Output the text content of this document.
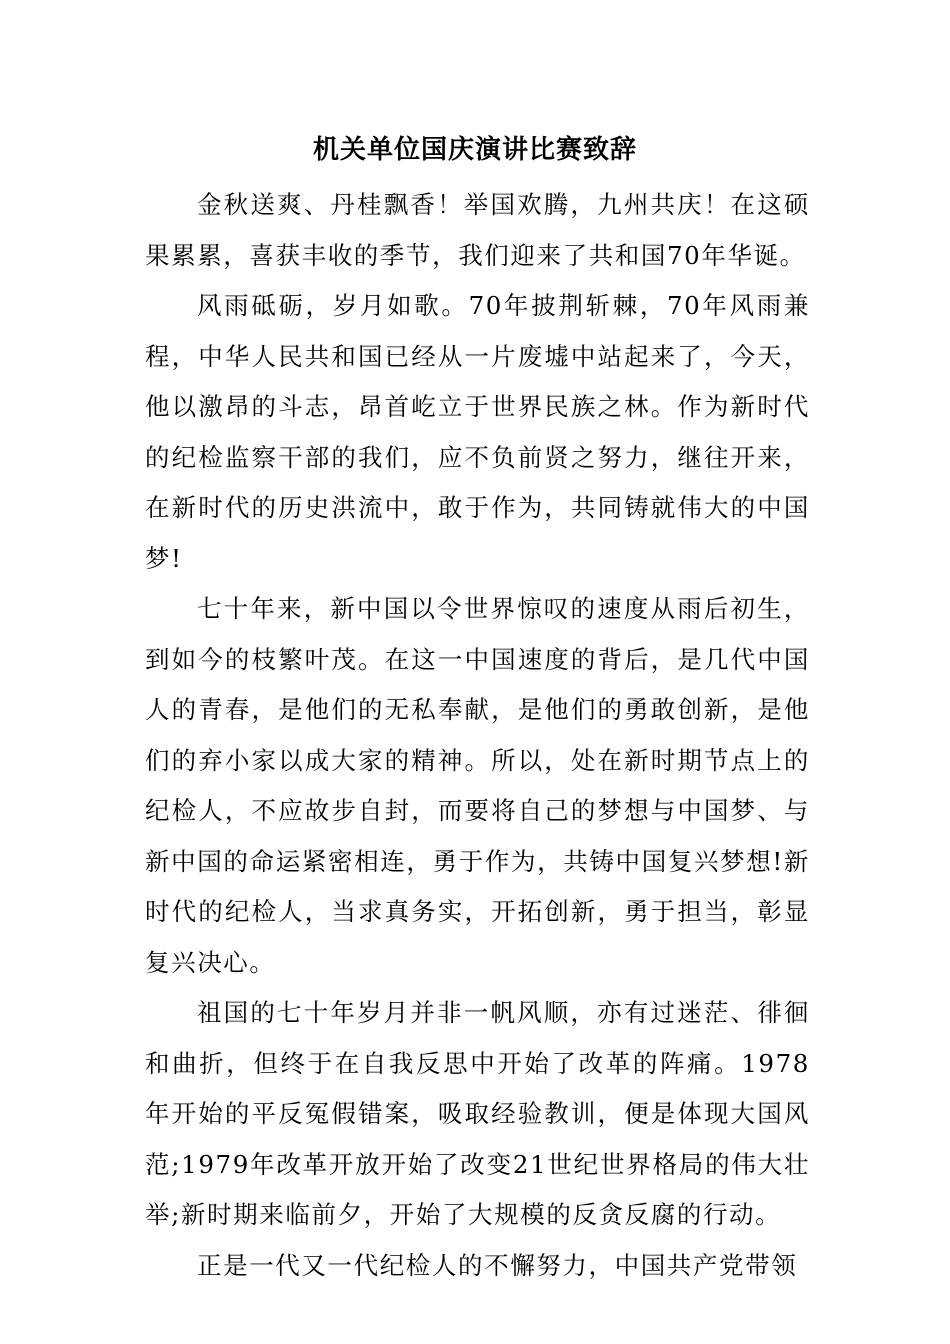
机关单位国庆演讲比赛致辞

金秋送爽、丹桂飘香！举国欢腾，九州共庆！在这硕果累累，喜获丰收的季节，我们迎来了共和国70年华诞。

风雨砥砺，岁月如歌。70年披荆斩棘，70年风雨兼程，中华人民共和国已经从一片废墟中站起来了，今天，他以激昂的斗志，昂首屹立于世界民族之林。作为新时代的纪检监察干部的我们，应不负前贤之努力，继往开来，在新时代的历史洪流中，敢于作为，共同铸就伟大的中国梦!

七十年来，新中国以令世界惊叹的速度从雨后初生，到如今的枝繁叶茂。在这一中国速度的背后，是几代中国人的青春，是他们的无私奉献，是他们的勇敢创新，是他们的弃小家以成大家的精神。所以，处在新时期节点上的纪检人，不应故步自封，而要将自己的梦想与中国梦、与新中国的命运紧密相连，勇于作为，共铸中国复兴梦想!新时代的纪检人，当求真务实，开拓创新，勇于担当，彰显复兴决心。

祖国的七十年岁月并非一帆风顺，亦有过迷茫、徘徊和曲折，但终于在自我反思中开始了改革的阵痛。1978年开始的平反冤假错案，吸取经验教训，便是体现大国风范;1979年改革开放开始了改变21世纪世界格局的伟大壮举;新时期来临前夕，开始了大规模的反贪反腐的行动。

正是一代又一代纪检人的不懈努力，中国共产党带领
